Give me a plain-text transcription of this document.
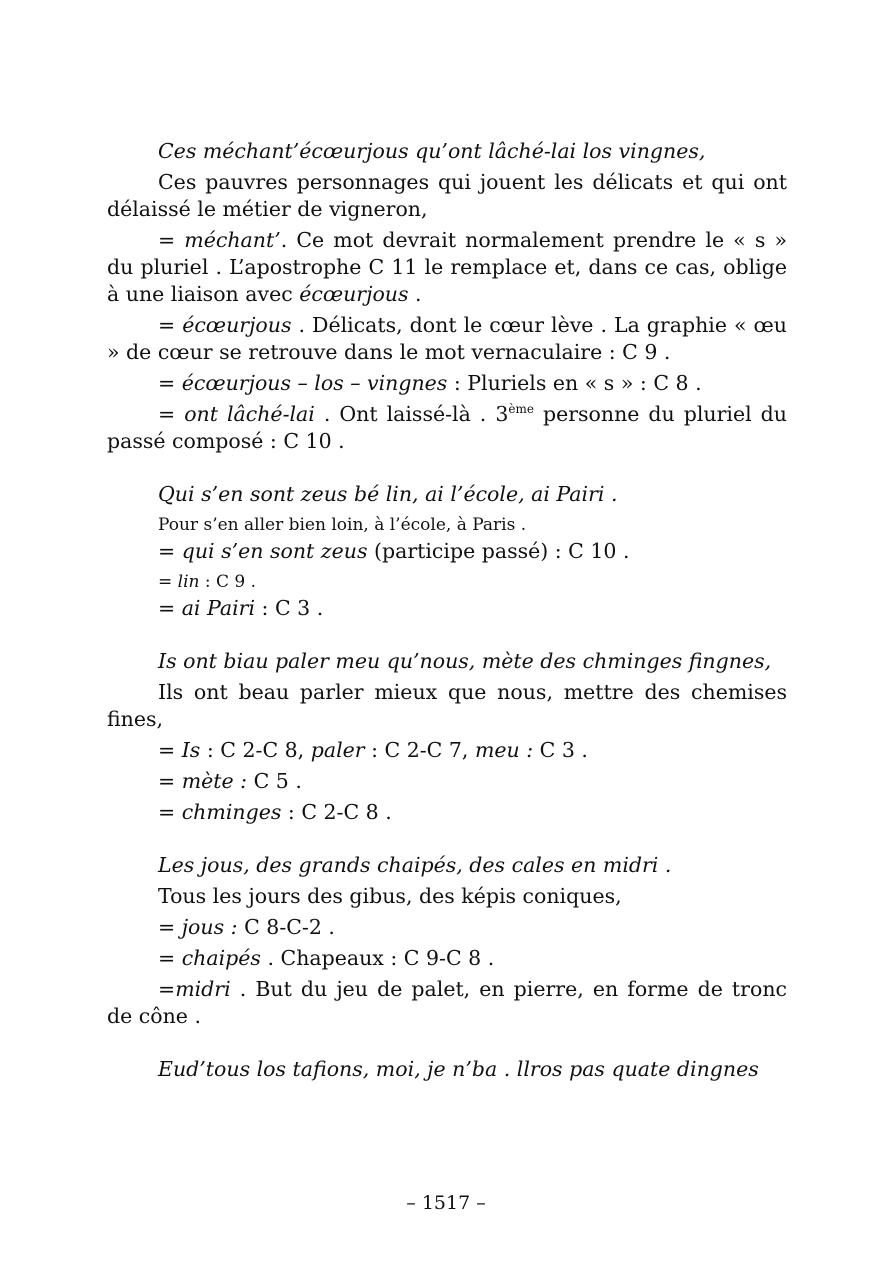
Ces méchant’écœurjous qu’ont lâché-lai los vingnes,

Ces pauvres personnages qui jouent les délicats et qui ont délaissé le métier de vigneron,

= méchant’. Ce mot devrait normalement prendre le « s » du pluriel . L’apostrophe C 11 le remplace et, dans ce cas, oblige à une liaison avec écœurjous .

= écœurjous . Délicats, dont le cœur lève . La graphie « œu » de cœur se retrouve dans le mot vernaculaire : C 9 .

= écœurjous – los – vingnes : Pluriels en « s » : C 8 .

= ont lâché-lai . Ont laissé-là . 3ème personne du pluriel du passé composé : C 10 .

Qui s’en sont zeus bé lin, ai l’école, ai Pairi .

Pour s’en aller bien loin, à l’école, à Paris .

= qui s’en sont zeus (participe passé) : C 10 .

= lin : C 9 .

= ai Pairi : C 3 .

Is ont biau paler meu qu’nous, mète des chminges fingnes,

Ils ont beau parler mieux que nous, mettre des chemises fines,

= Is : C 2-C 8, paler : C 2-C 7, meu : C 3 .

= mète : C 5 .

= chminges : C 2-C 8 .

Les jous, des grands chaipés, des cales en midri .

Tous les jours des gibus, des képis coniques,

= jous : C 8-C-2 .

= chaipés . Chapeaux : C 9-C 8 .

=midri . But du jeu de palet, en pierre, en forme de tronc de cône .

Eud’tous los tafions, moi, je n’ba . llros pas quate dingnes

– 1517 –
